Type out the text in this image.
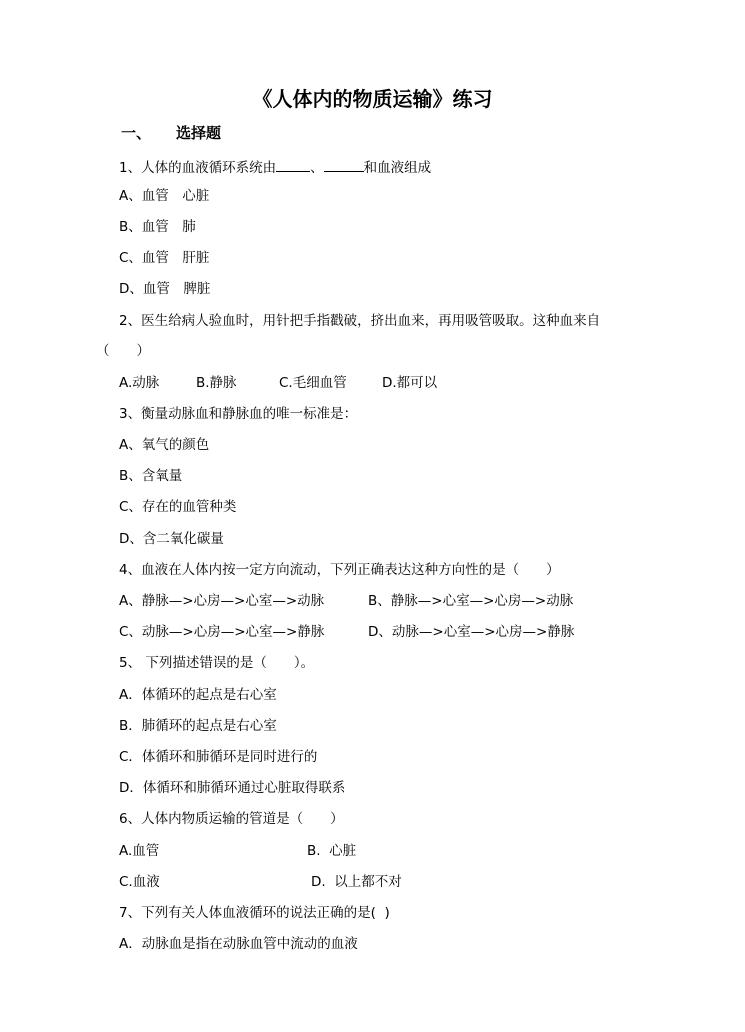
《人体内的物质运输》练习
一、 选择题
1、人体的血液循环系统由	、	和血液组成
A、血管　心脏
B、血管　肺
C、血管　肝脏
D、血管　脾脏
2、医生给病人验血时，用针把手指戳破，挤出血来，再用吸管吸取。这种血来自
（　　）
A.动脉	B.静脉	C.毛细血管	D.都可以
3、衡量动脉血和静脉血的唯一标准是：
A、氧气的颜色
B、含氧量
C、存在的血管种类
D、含二氧化碳量
4、血液在人体内按一定方向流动，下列正确表达这种方向性的是（　　）
A、静脉—>心房—>心室—>动脉	B、静脉—>心室—>心房—>动脉
C、动脉—>心房—>心室—>静脉	D、动脉—>心室—>心房—>静脉
5、 下列描述错误的是（　　）。
A．体循环的起点是右心室
B．肺循环的起点是右心室
C．体循环和肺循环是同时进行的
D．体循环和肺循环通过心脏取得联系
6、人体内物质运输的管道是（　　）
A.血管	B.  心脏
C.血液	D.  以上都不对
7、下列有关人体血液循环的说法正确的是(  )
A．动脉血是指在动脉血管中流动的血液
